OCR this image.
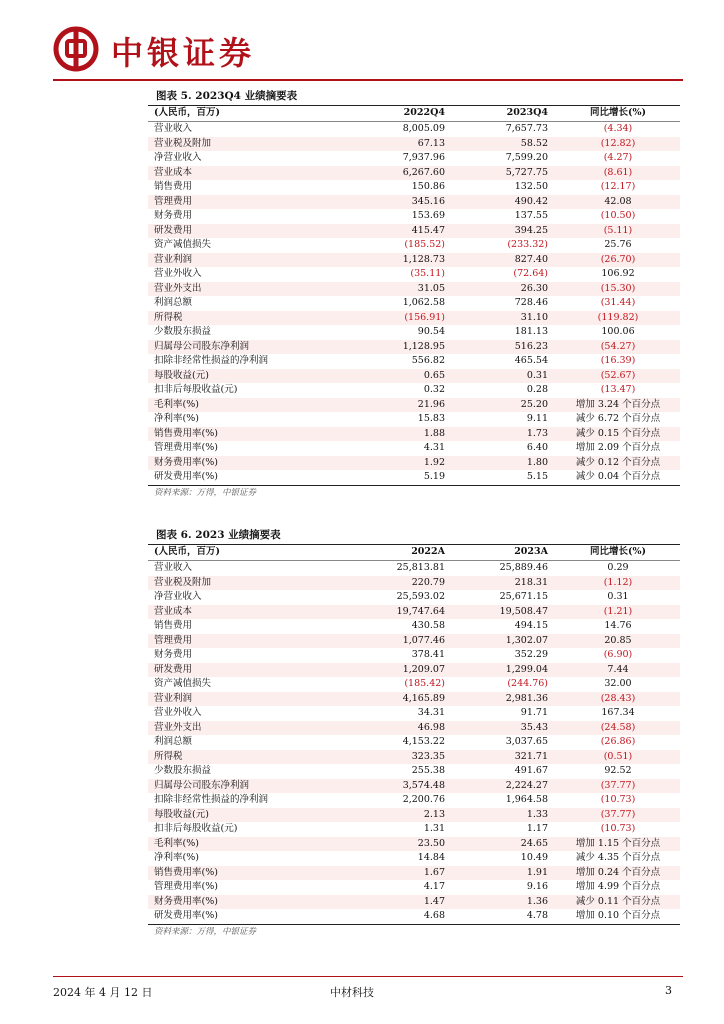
中银证券
图表 5. 2023Q4 业绩摘要表
(人民币，百万)	2022Q4	2023Q4	同比增长(%)
营业收入	8,005.09	7,657.73	(4.34)
营业税及附加	67.13	58.52	(12.82)
净营业收入	7,937.96	7,599.20	(4.27)
营业成本	6,267.60	5,727.75	(8.61)
销售费用	150.86	132.50	(12.17)
管理费用	345.16	490.42	42.08
财务费用	153.69	137.55	(10.50)
研发费用	415.47	394.25	(5.11)
资产减值损失	(185.52)	(233.32)	25.76
营业利润	1,128.73	827.40	(26.70)
营业外收入	(35.11)	(72.64)	106.92
营业外支出	31.05	26.30	(15.30)
利润总额	1,062.58	728.46	(31.44)
所得税	(156.91)	31.10	(119.82)
少数股东损益	90.54	181.13	100.06
归属母公司股东净利润	1,128.95	516.23	(54.27)
扣除非经常性损益的净利润	556.82	465.54	(16.39)
每股收益(元)	0.65	0.31	(52.67)
扣非后每股收益(元)	0.32	0.28	(13.47)
毛利率(%)	21.96	25.20	增加 3.24 个百分点
净利率(%)	15.83	9.11	减少 6.72 个百分点
销售费用率(%)	1.88	1.73	减少 0.15 个百分点
管理费用率(%)	4.31	6.40	增加 2.09 个百分点
财务费用率(%)	1.92	1.80	减少 0.12 个百分点
研发费用率(%)	5.19	5.15	减少 0.04 个百分点
资料来源：万得，中银证券
图表 6. 2023 业绩摘要表
(人民币，百万)	2022A	2023A	同比增长(%)
营业收入	25,813.81	25,889.46	0.29
营业税及附加	220.79	218.31	(1.12)
净营业收入	25,593.02	25,671.15	0.31
营业成本	19,747.64	19,508.47	(1.21)
销售费用	430.58	494.15	14.76
管理费用	1,077.46	1,302.07	20.85
财务费用	378.41	352.29	(6.90)
研发费用	1,209.07	1,299.04	7.44
资产减值损失	(185.42)	(244.76)	32.00
营业利润	4,165.89	2,981.36	(28.43)
营业外收入	34.31	91.71	167.34
营业外支出	46.98	35.43	(24.58)
利润总额	4,153.22	3,037.65	(26.86)
所得税	323.35	321.71	(0.51)
少数股东损益	255.38	491.67	92.52
归属母公司股东净利润	3,574.48	2,224.27	(37.77)
扣除非经常性损益的净利润	2,200.76	1,964.58	(10.73)
每股收益(元)	2.13	1.33	(37.77)
扣非后每股收益(元)	1.31	1.17	(10.73)
毛利率(%)	23.50	24.65	增加 1.15 个百分点
净利率(%)	14.84	10.49	减少 4.35 个百分点
销售费用率(%)	1.67	1.91	增加 0.24 个百分点
管理费用率(%)	4.17	9.16	增加 4.99 个百分点
财务费用率(%)	1.47	1.36	减少 0.11 个百分点
研发费用率(%)	4.68	4.78	增加 0.10 个百分点
资料来源：万得，中银证券
2024 年 4 月 12 日	中材科技	3
